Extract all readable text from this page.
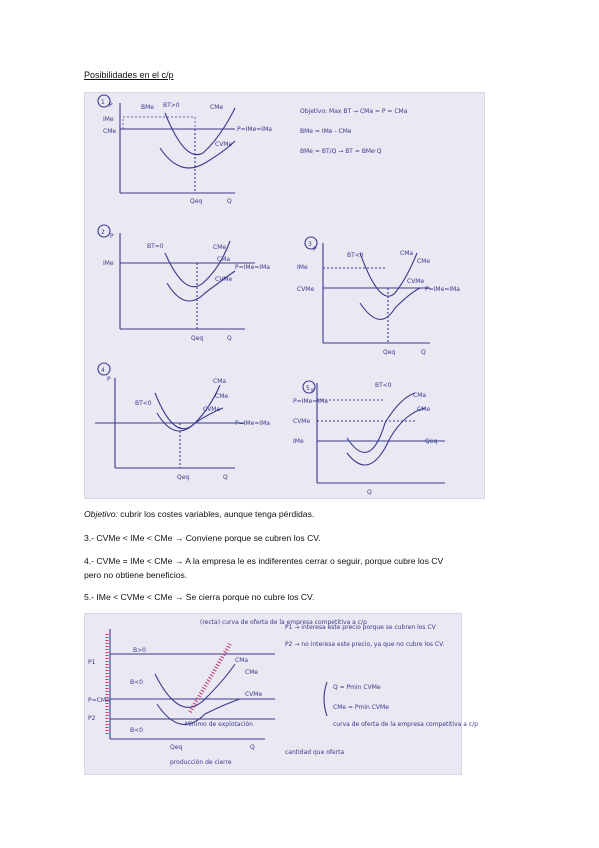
Posibilidades en el c/p
1 P	BMe BT>0	CMe
IMe
CMe	P=IMe=IMa
CVMe
Qeq	Q
Objetivo: Max BT → CMa = P = CMa
BMe = IMe - CMe
BMe = BT/Q → BT = BMe·Q
2
P
BT=0	CMe
IMe
CMa
P=IMe=IMa
CVMe
Qeq	Q
3
P
BT<0	CMa
CMe
IMe
CVMe
CVMe
P=IMe=IMa
Qeq	Q
4
P
BT<0
CMa
CMe
CVMe
P=IMe=IMa
Qeq	Q
5 P
BT<0
CMa
CMe
CVMe
IMe
P=IMe=IMa
Qeq
Q
Objetivo: cubrir los costes variables, aunque tenga pérdidas.
3.- CVMe < IMe < CMe → Conviene porque se cubren los CV.
4.- CVMe = IMe < CMe → A la empresa le es indiferentes cerrar o seguir, porque cubre los CV
pero no obtiene beneficios.
5.- IMe < CVMe < CMe → Se cierra porque no cubre los CV.
(recta) curva de oferta de la empresa competitiva a c/p
CMa
CMe
CVMe
B>0
B<0
B<0
P=CMe
P1
P2
Mínimo de explotación
Qeq	Q
producción de cierre
P1 → interesa este precio porque se cubren los CV
P2 → no interesa este precio, ya que no cubre los CV.
Q = Pmin CVMe
CMe = Pmin CVMe
curva de oferta de la empresa competitiva a c/p
cantidad que oferta
